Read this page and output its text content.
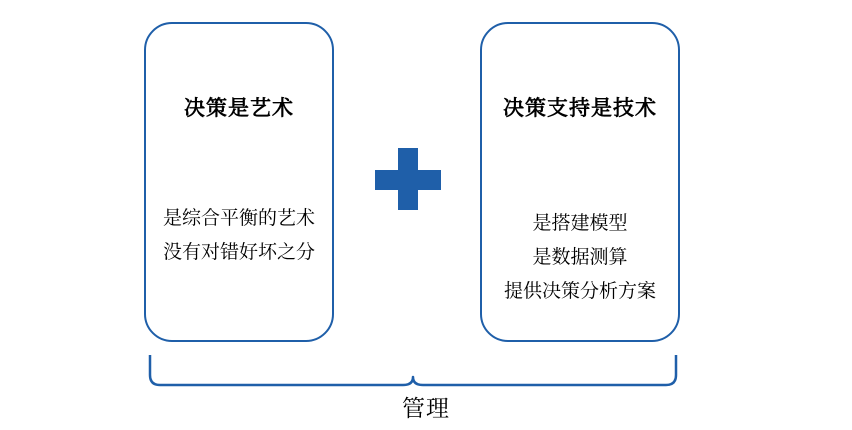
决策是艺术
是综合平衡的艺术
没有对错好坏之分
决策支持是技术
是搭建模型
是数据测算
提供决策分析方案
管理
